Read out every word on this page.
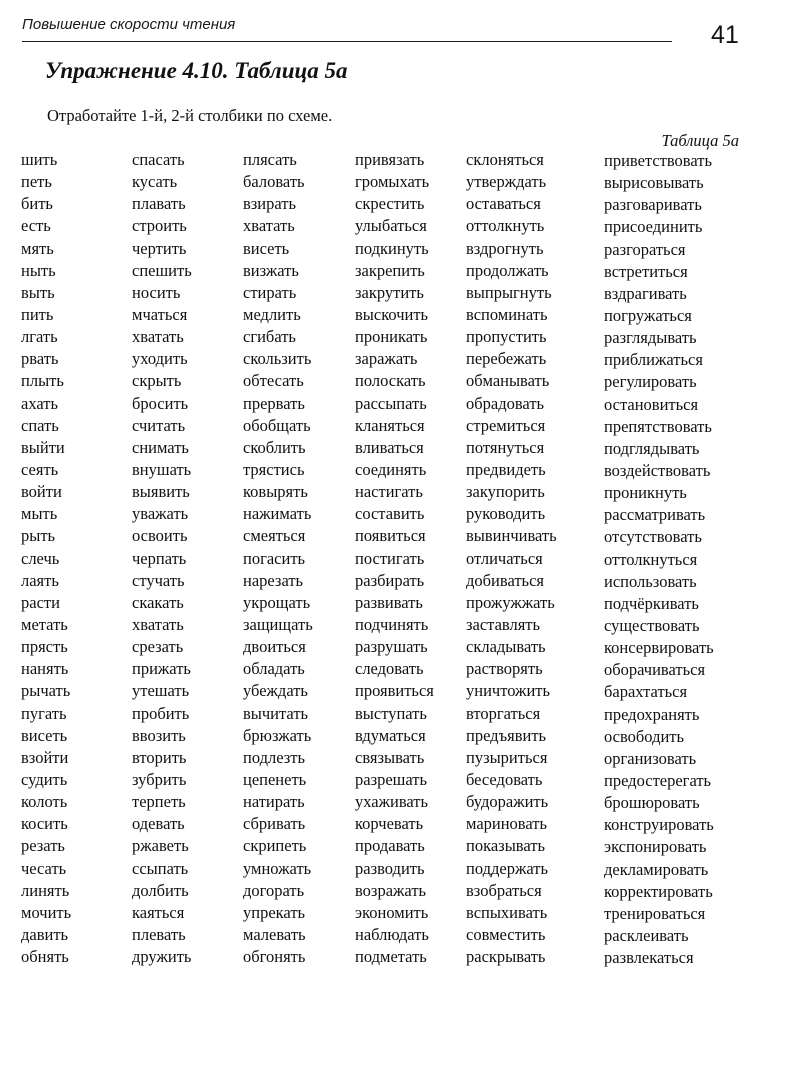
Повышение скорости чтения	41
Упражнение 4.10. Таблица 5а
Отработайте 1-й, 2-й столбики по схеме.
Таблица 5а
шить
петь
бить
есть
мять
ныть
выть
пить
лгать
рвать
плыть
ахать
спать
выйти
сеять
войти
мыть
рыть
слечь
лаять
расти
метать
прясть
нанять
рычать
пугать
висеть
взойти
судить
колоть
косить
резать
чесать
линять
мочить
давить
обнять
спасать
кусать
плавать
строить
чертить
спешить
носить
мчаться
хватать
уходить
скрыть
бросить
считать
снимать
внушать
выявить
уважать
освоить
черпать
стучать
скакать
хватать
срезать
прижать
утешать
пробить
ввозить
вторить
зубрить
терпеть
одевать
ржаветь
ссыпать
долбить
каяться
плевать
дружить
плясать
баловать
взирать
хватать
висеть
визжать
стирать
медлить
сгибать
скользить
обтесать
прервать
обобщать
скоблить
трястись
ковырять
нажимать
смеяться
погасить
нарезать
укрощать
защищать
двоиться
обладать
убеждать
вычитать
брюзжать
подлезть
цепенеть
натирать
сбривать
скрипеть
умножать
догорать
упрекать
малевать
обгонять
привязать
громыхать
скрестить
улыбаться
подкинуть
закрепить
закрутить
выскочить
проникать
заражать
полоскать
рассыпать
кланяться
вливаться
соединять
настигать
составить
появиться
постигать
разбирать
развивать
подчинять
разрушать
следовать
проявиться
выступать
вдуматься
связывать
разрешать
ухаживать
корчевать
продавать
разводить
возражать
экономить
наблюдать
подметать
склоняться
утверждать
оставаться
оттолкнуть
вздрогнуть
продолжать
выпрыгнуть
вспоминать
пропустить
перебежать
обманывать
обрадовать
стремиться
потянуться
предвидеть
закупорить
руководить
вывинчивать
отличаться
добиваться
прожужжать
заставлять
складывать
растворять
уничтожить
вторгаться
предъявить
пузыриться
беседовать
будоражить
мариновать
показывать
поддержать
взобраться
вспыхивать
совместить
раскрывать
приветствовать
вырисовывать
разговаривать
присоединить
разгораться
встретиться
вздрагивать
погружаться
разглядывать
приближаться
регулировать
остановиться
препятствовать
подглядывать
воздействовать
проникнуть
рассматривать
отсутствовать
оттолкнуться
использовать
подчёркивать
существовать
консервировать
оборачиваться
барахтаться
предохранять
освободить
организовать
предостерегать
брошюровать
конструировать
экспонировать
декламировать
корректировать
тренироваться
расклеивать
развлекаться
